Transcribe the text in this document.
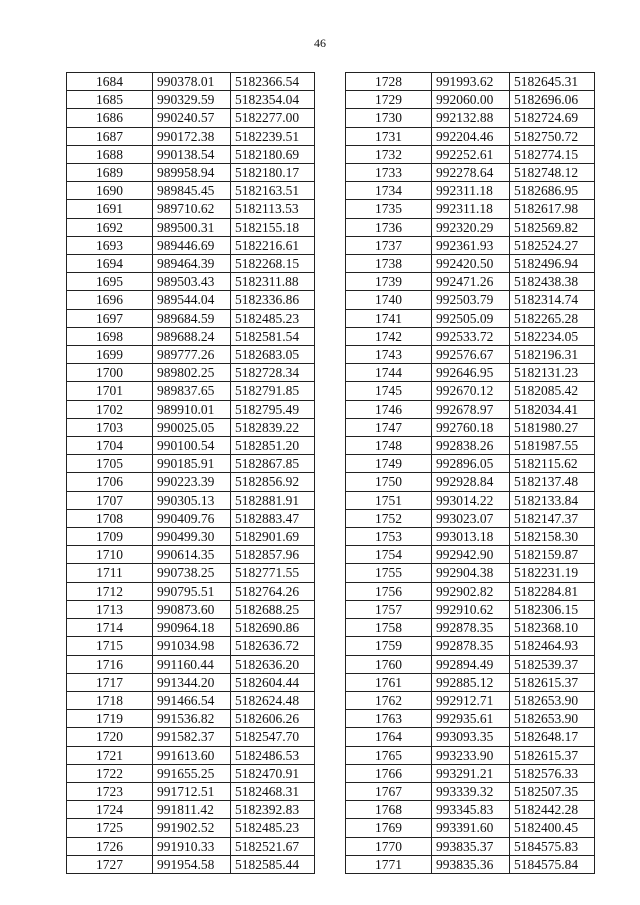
46
1684	990378.01	5182366.54
1685	990329.59	5182354.04
1686	990240.57	5182277.00
1687	990172.38	5182239.51
1688	990138.54	5182180.69
1689	989958.94	5182180.17
1690	989845.45	5182163.51
1691	989710.62	5182113.53
1692	989500.31	5182155.18
1693	989446.69	5182216.61
1694	989464.39	5182268.15
1695	989503.43	5182311.88
1696	989544.04	5182336.86
1697	989684.59	5182485.23
1698	989688.24	5182581.54
1699	989777.26	5182683.05
1700	989802.25	5182728.34
1701	989837.65	5182791.85
1702	989910.01	5182795.49
1703	990025.05	5182839.22
1704	990100.54	5182851.20
1705	990185.91	5182867.85
1706	990223.39	5182856.92
1707	990305.13	5182881.91
1708	990409.76	5182883.47
1709	990499.30	5182901.69
1710	990614.35	5182857.96
1711	990738.25	5182771.55
1712	990795.51	5182764.26
1713	990873.60	5182688.25
1714	990964.18	5182690.86
1715	991034.98	5182636.72
1716	991160.44	5182636.20
1717	991344.20	5182604.44
1718	991466.54	5182624.48
1719	991536.82	5182606.26
1720	991582.37	5182547.70
1721	991613.60	5182486.53
1722	991655.25	5182470.91
1723	991712.51	5182468.31
1724	991811.42	5182392.83
1725	991902.52	5182485.23
1726	991910.33	5182521.67
1727	991954.58	5182585.44
1728	991993.62	5182645.31
1729	992060.00	5182696.06
1730	992132.88	5182724.69
1731	992204.46	5182750.72
1732	992252.61	5182774.15
1733	992278.64	5182748.12
1734	992311.18	5182686.95
1735	992311.18	5182617.98
1736	992320.29	5182569.82
1737	992361.93	5182524.27
1738	992420.50	5182496.94
1739	992471.26	5182438.38
1740	992503.79	5182314.74
1741	992505.09	5182265.28
1742	992533.72	5182234.05
1743	992576.67	5182196.31
1744	992646.95	5182131.23
1745	992670.12	5182085.42
1746	992678.97	5182034.41
1747	992760.18	5181980.27
1748	992838.26	5181987.55
1749	992896.05	5182115.62
1750	992928.84	5182137.48
1751	993014.22	5182133.84
1752	993023.07	5182147.37
1753	993013.18	5182158.30
1754	992942.90	5182159.87
1755	992904.38	5182231.19
1756	992902.82	5182284.81
1757	992910.62	5182306.15
1758	992878.35	5182368.10
1759	992878.35	5182464.93
1760	992894.49	5182539.37
1761	992885.12	5182615.37
1762	992912.71	5182653.90
1763	992935.61	5182653.90
1764	993093.35	5182648.17
1765	993233.90	5182615.37
1766	993291.21	5182576.33
1767	993339.32	5182507.35
1768	993345.83	5182442.28
1769	993391.60	5182400.45
1770	993835.37	5184575.83
1771	993835.36	5184575.84
